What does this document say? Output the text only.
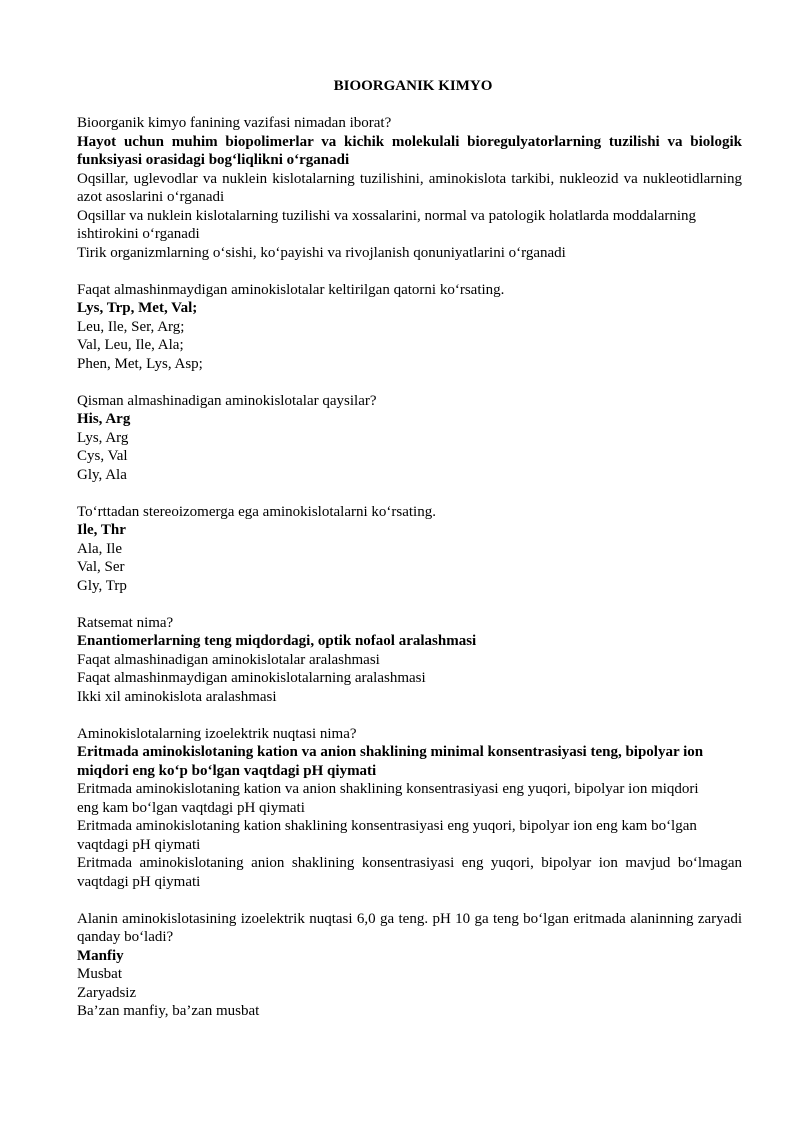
BIOORGANIK KIMYO
Bioorganik kimyo fanining vazifasi nimadan iborat?
Hayot uchun muhim biopolimerlar va kichik molekulali bioregulyatorlarning tuzilishi va biologik funksiyasi orasidagi bog‘liqlikni o‘rganadi
Oqsillar, uglevodlar va nuklein kislotalarning tuzilishini, aminokislota tarkibi, nukleozid va nukleotidlarning azot asoslarini o‘rganadi
Oqsillar va nuklein kislotalarning tuzilishi va xossalarini, normal va patologik holatlarda moddalarning ishtirokini o‘rganadi
Tirik organizmlarning o‘sishi, ko‘payishi va rivojlanish qonuniyatlarini o‘rganadi
Faqat almashinmaydigan aminokislotalar keltirilgan qatorni ko‘rsating.
Lys, Trp, Met, Val;
Leu, Ile, Ser, Arg;
Val, Leu, Ile, Ala;
Phen, Met, Lys, Asp;
Qisman almashinadigan aminokislotalar qaysilar?
His, Arg
Lys, Arg
Cys, Val
Gly, Ala
To‘rttadan stereoizomerga ega aminokislotalarni ko‘rsating.
Ile, Thr
Ala, Ile
Val, Ser
Gly, Trp
Ratsemat nima?
Enantiomerlarning teng miqdordagi, optik nofaol aralashmasi
Faqat almashinadigan aminokislotalar aralashmasi
Faqat almashinmaydigan aminokislotalarning aralashmasi
Ikki xil aminokislota aralashmasi
Aminokislotalarning izoelektrik nuqtasi nima?
Eritmada aminokislotaning kation va anion shaklining minimal konsentrasiyasi teng, bipolyar ion miqdori eng ko‘p bo‘lgan vaqtdagi pH qiymati
Eritmada aminokislotaning kation va anion shaklining konsentrasiyasi eng yuqori, bipolyar ion miqdori eng kam bo‘lgan vaqtdagi pH qiymati
Eritmada aminokislotaning kation shaklining konsentrasiyasi eng yuqori, bipolyar ion eng kam bo‘lgan vaqtdagi pH qiymati
Eritmada aminokislotaning anion shaklining konsentrasiyasi eng yuqori, bipolyar ion mavjud bo‘lmagan vaqtdagi pH qiymati
Alanin aminokislotasining izoelektrik nuqtasi 6,0 ga teng. pH 10 ga teng bo‘lgan eritmada alaninning zaryadi qanday bo‘ladi?
Manfiy
Musbat
Zaryadsiz
Ba’zan manfiy, ba’zan musbat
